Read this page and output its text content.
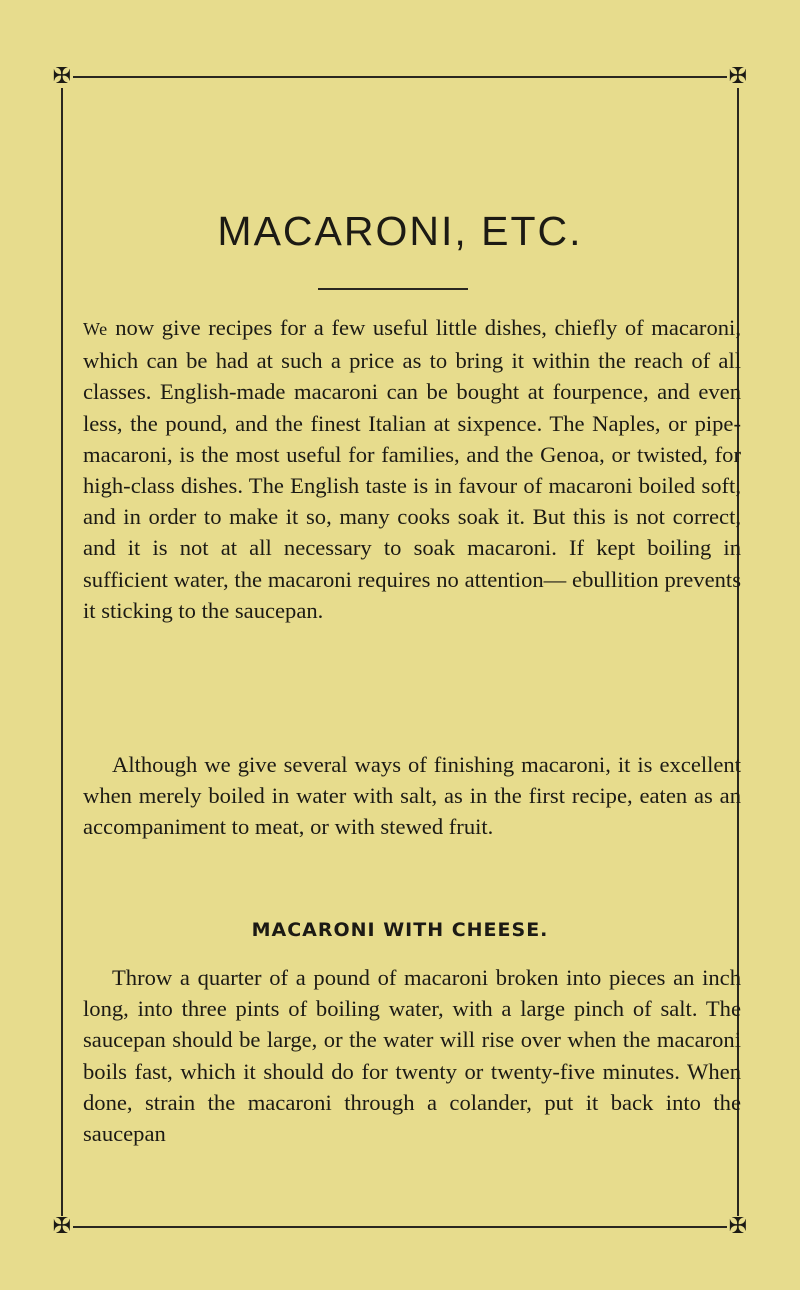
✠	✠
✠	✠
MACARONI, ETC.

We now give recipes for a few useful little dishes, chiefly of macaroni, which can be had at such a price as to bring it within the reach of all classes. English-made macaroni can be bought at fourpence, and even less, the pound, and the finest Italian at sixpence. The Naples, or pipe-macaroni, is the most useful for families, and the Genoa, or twisted, for high-class dishes. The English taste is in favour of macaroni boiled soft, and in order to make it so, many cooks soak it. But this is not correct, and it is not at all necessary to soak macaroni. If kept boiling in sufficient water, the macaroni requires no attention— ebullition prevents it sticking to the saucepan.

Although we give several ways of finishing macaroni, it is excellent when merely boiled in water with salt, as in the first recipe, eaten as an accompaniment to meat, or with stewed fruit.

MACARONI WITH CHEESE.

Throw a quarter of a pound of macaroni broken into pieces an inch long, into three pints of boiling water, with a large pinch of salt. The saucepan should be large, or the water will rise over when the macaroni boils fast, which it should do for twenty or twenty-five minutes. When done, strain the macaroni through a colander, put it back into the saucepan
